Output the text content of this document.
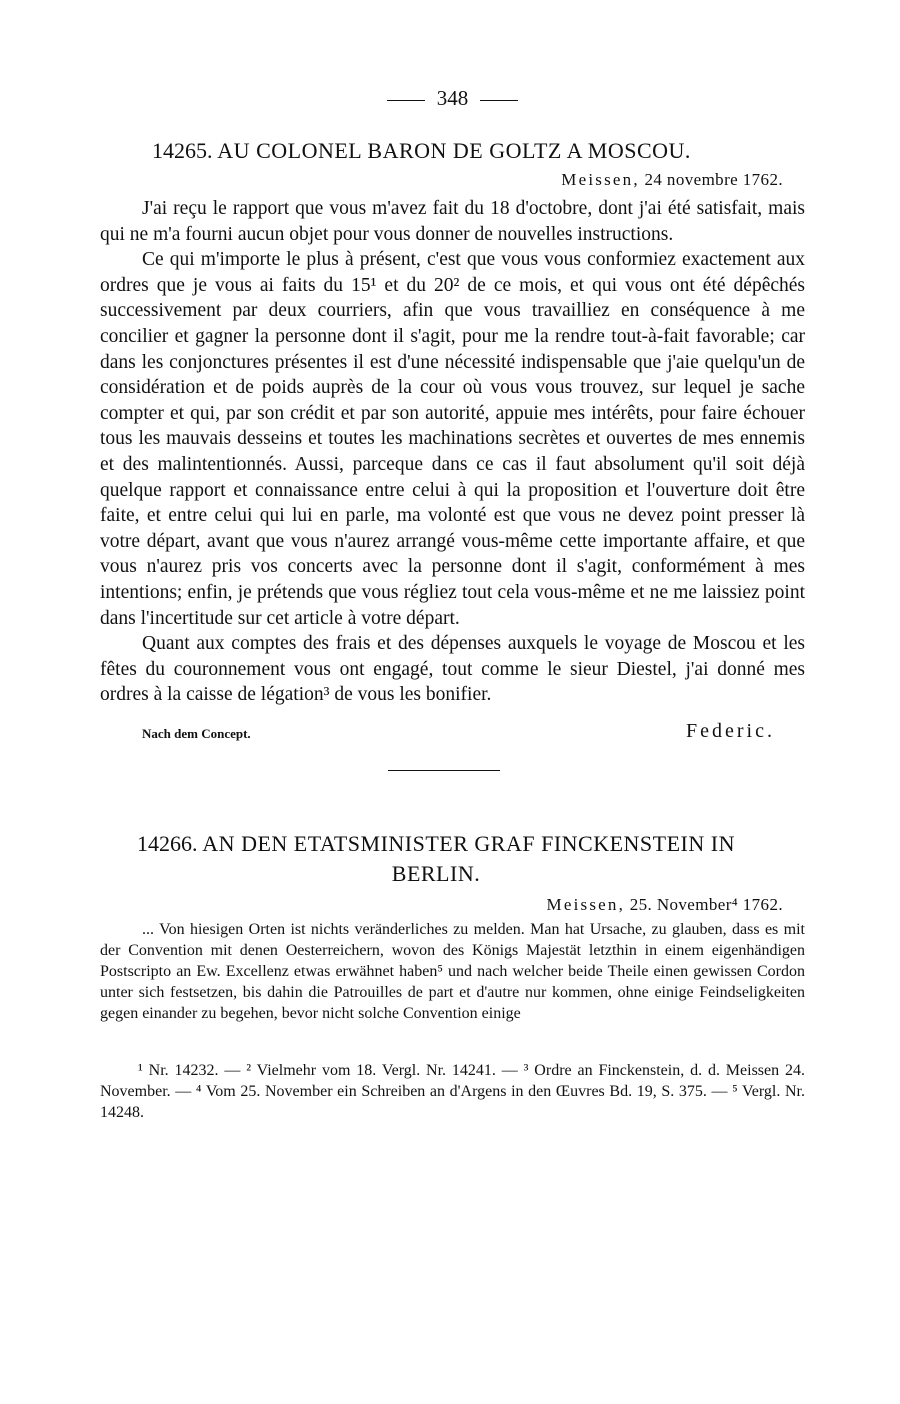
348
14265. AU COLONEL BARON DE GOLTZ A MOSCOU.
Meissen, 24 novembre 1762.

J'ai reçu le rapport que vous m'avez fait du 18 d'octobre, dont j'ai été satisfait, mais qui ne m'a fourni aucun objet pour vous donner de nouvelles instructions.

Ce qui m'importe le plus à présent, c'est que vous vous conformiez exactement aux ordres que je vous ai faits du 15¹ et du 20² de ce mois, et qui vous ont été dépêchés successivement par deux courriers, afin que vous travailliez en conséquence à me concilier et gagner la personne dont il s'agit, pour me la rendre tout-à-fait favorable; car dans les conjonctures présentes il est d'une nécessité indispensable que j'aie quelqu'un de considération et de poids auprès de la cour où vous vous trouvez, sur lequel je sache compter et qui, par son crédit et par son autorité, appuie mes intérêts, pour faire échouer tous les mauvais desseins et toutes les machinations secrètes et ouvertes de mes ennemis et des malintentionnés. Aussi, parceque dans ce cas il faut absolument qu'il soit déjà quelque rapport et connaissance entre celui à qui la proposition et l'ouverture doit être faite, et entre celui qui lui en parle, ma volonté est que vous ne devez point presser là votre départ, avant que vous n'aurez arrangé vous-même cette importante affaire, et que vous n'aurez pris vos concerts avec la personne dont il s'agit, conformément à mes intentions; enfin, je prétends que vous régliez tout cela vous-même et ne me laissiez point dans l'incertitude sur cet article à votre départ.

Quant aux comptes des frais et des dépenses auxquels le voyage de Moscou et les fêtes du couronnement vous ont engagé, tout comme le sieur Diestel, j'ai donné mes ordres à la caisse de légation³ de vous les bonifier.

Nach dem Concept.	Federic.
14266. AN DEN ETATSMINISTER GRAF FINCKENSTEIN IN BERLIN.
Meissen, 25. November⁴ 1762.

... Von hiesigen Orten ist nichts veränderliches zu melden. Man hat Ursache, zu glauben, dass es mit der Convention mit denen Oesterreichern, wovon des Königs Majestät letzthin in einem eigenhändigen Postscripto an Ew. Excellenz etwas erwähnet haben⁵ und nach welcher beide Theile einen gewissen Cordon unter sich festsetzen, bis dahin die Patrouilles de part et d'autre nur kommen, ohne einige Feindseligkeiten gegen einander zu begehen, bevor nicht solche Convention einige

¹ Nr. 14232. — ² Vielmehr vom 18. Vergl. Nr. 14241. — ³ Ordre an Finckenstein, d. d. Meissen 24. November. — ⁴ Vom 25. November ein Schreiben an d'Argens in den Œuvres Bd. 19, S. 375. — ⁵ Vergl. Nr. 14248.
